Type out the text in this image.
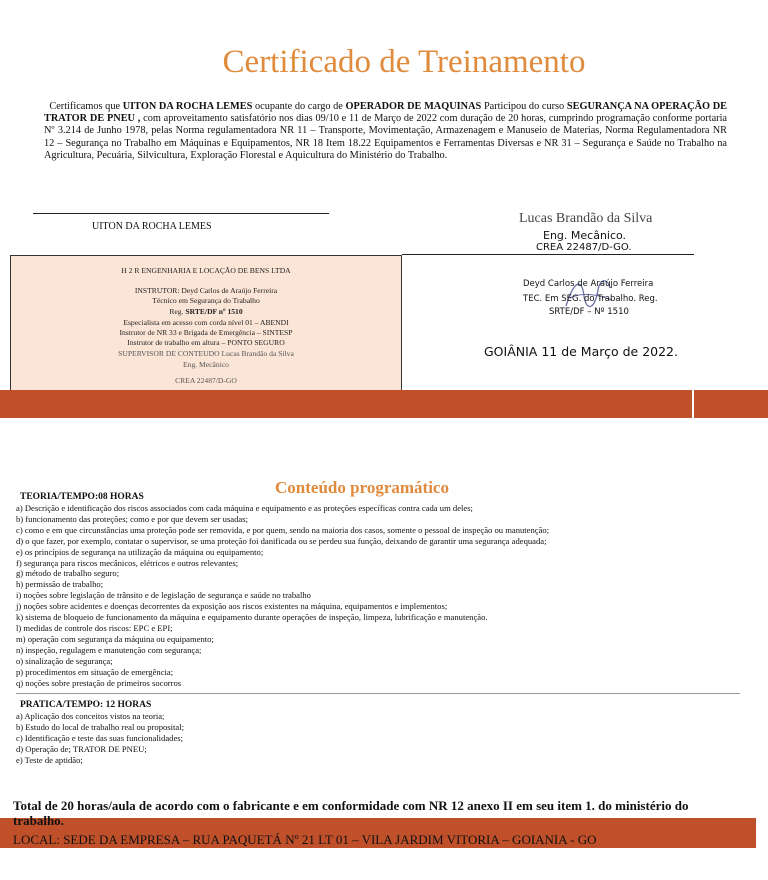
Certificado de Treinamento
Certificamos que UITON DA ROCHA LEMES ocupante do cargo de OPERADOR DE MAQUINAS Participou do curso SEGURANÇA NA OPERAÇÃO DE TRATOR DE PNEU , com aproveitamento satisfatório nos dias 09/10 e 11 de Março de 2022 com duração de 20 horas, cumprindo programação conforme portaria Nº 3.214 de Junho 1978, pelas Norma regulamentadora NR 11 – Transporte, Movimentação, Armazenagem e Manuseio de Materias, Norma Regulamentadora NR 12 – Segurança no Trabalho em Máquinas e Equipamentos, NR 18 Item 18.22 Equipamentos e Ferramentas Diversas e NR 31 – Segurança e Saúde no Trabalho na Agricultura, Pecuária, Silvicultura, Exploração Florestal e Aquicultura do Ministério do Trabalho.
UITON DA ROCHA LEMES
Lucas Brandão da Silva
Eng. Mecânico.
CREA 22487/D-GO.
H 2 R ENGENHARIA E LOCAÇÃO DE BENS LTDA
INSTRUTOR: Deyd Carlos de Araújo Ferreira
Técnico em Segurança do Trabalho
Reg. SRTE/DF nº 1510
Especialista em acesso com corda nível 01 – ABENDI
Instrutor de NR 33 e Brigada de Emergência – SINTESP
Instrutor de trabalho em altura – PONTO SEGURO
SUPERVISOR DE CONTEUDO Lucas Brandão da Silva
Eng. Mecânico
CREA 22487/D-GO
Deyd Carlos de Araújo Ferreira
TEC. Em SEG. do Trabalho. Reg.
SRTE/DF – Nº 1510
GOIÂNIA 11 de Março de 2022.
Conteúdo programático
TEORIA/TEMPO:08 HORAS
a) Descrição e identificação dos riscos associados com cada máquina e equipamento e as proteções específicas contra cada um deles;
b) funcionamento das proteções; como e por que devem ser usadas;
c) como e em que circunstâncias uma proteção pode ser removida, e por quem, sendo na maioria dos casos, somente o pessoal de inspeção ou manutenção;
d) o que fazer, por exemplo, contatar o supervisor, se uma proteção foi danificada ou se perdeu sua função, deixando de garantir uma segurança adequada;
e) os princípios de segurança na utilização da máquina ou equipamento;
f) segurança para riscos mecânicos, elétricos e outros relevantes;
g) método de trabalho seguro;
h) permissão de trabalho;
i) noções sobre legislação de trânsito e de legislação de segurança e saúde no trabalho
j) noções sobre acidentes e doenças decorrentes da exposição aos riscos existentes na máquina, equipamentos e implementos;
k) sistema de bloqueio de funcionamento da máquina e equipamento durante operações de inspeção, limpeza, lubrificação e manutenção.
l) medidas de controle dos riscos: EPC e EPI;
m) operação com segurança da máquina ou equipamento;
n) inspeção, regulagem e manutenção com segurança;
o) sinalização de segurança;
p) procedimentos em situação de emergência;
q) noções sobre prestação de primeiros socorros
PRATICA/TEMPO: 12 HORAS
a) Aplicação dos conceitos vistos na teoria;
b) Estudo do local de trabalho real ou proposital;
c) Identificação e teste das suas funcionalidades;
d) Operação de; TRATOR DE PNEU;
e) Teste de aptidão;
Total de 20 horas/aula de acordo com o fabricante e em conformidade com NR 12 anexo II em seu item 1. do ministério do trabalho.
LOCAL: SEDE DA EMPRESA – RUA PAQUETÁ Nº 21 LT 01 – VILA JARDIM VITORIA – GOIANIA - GO
